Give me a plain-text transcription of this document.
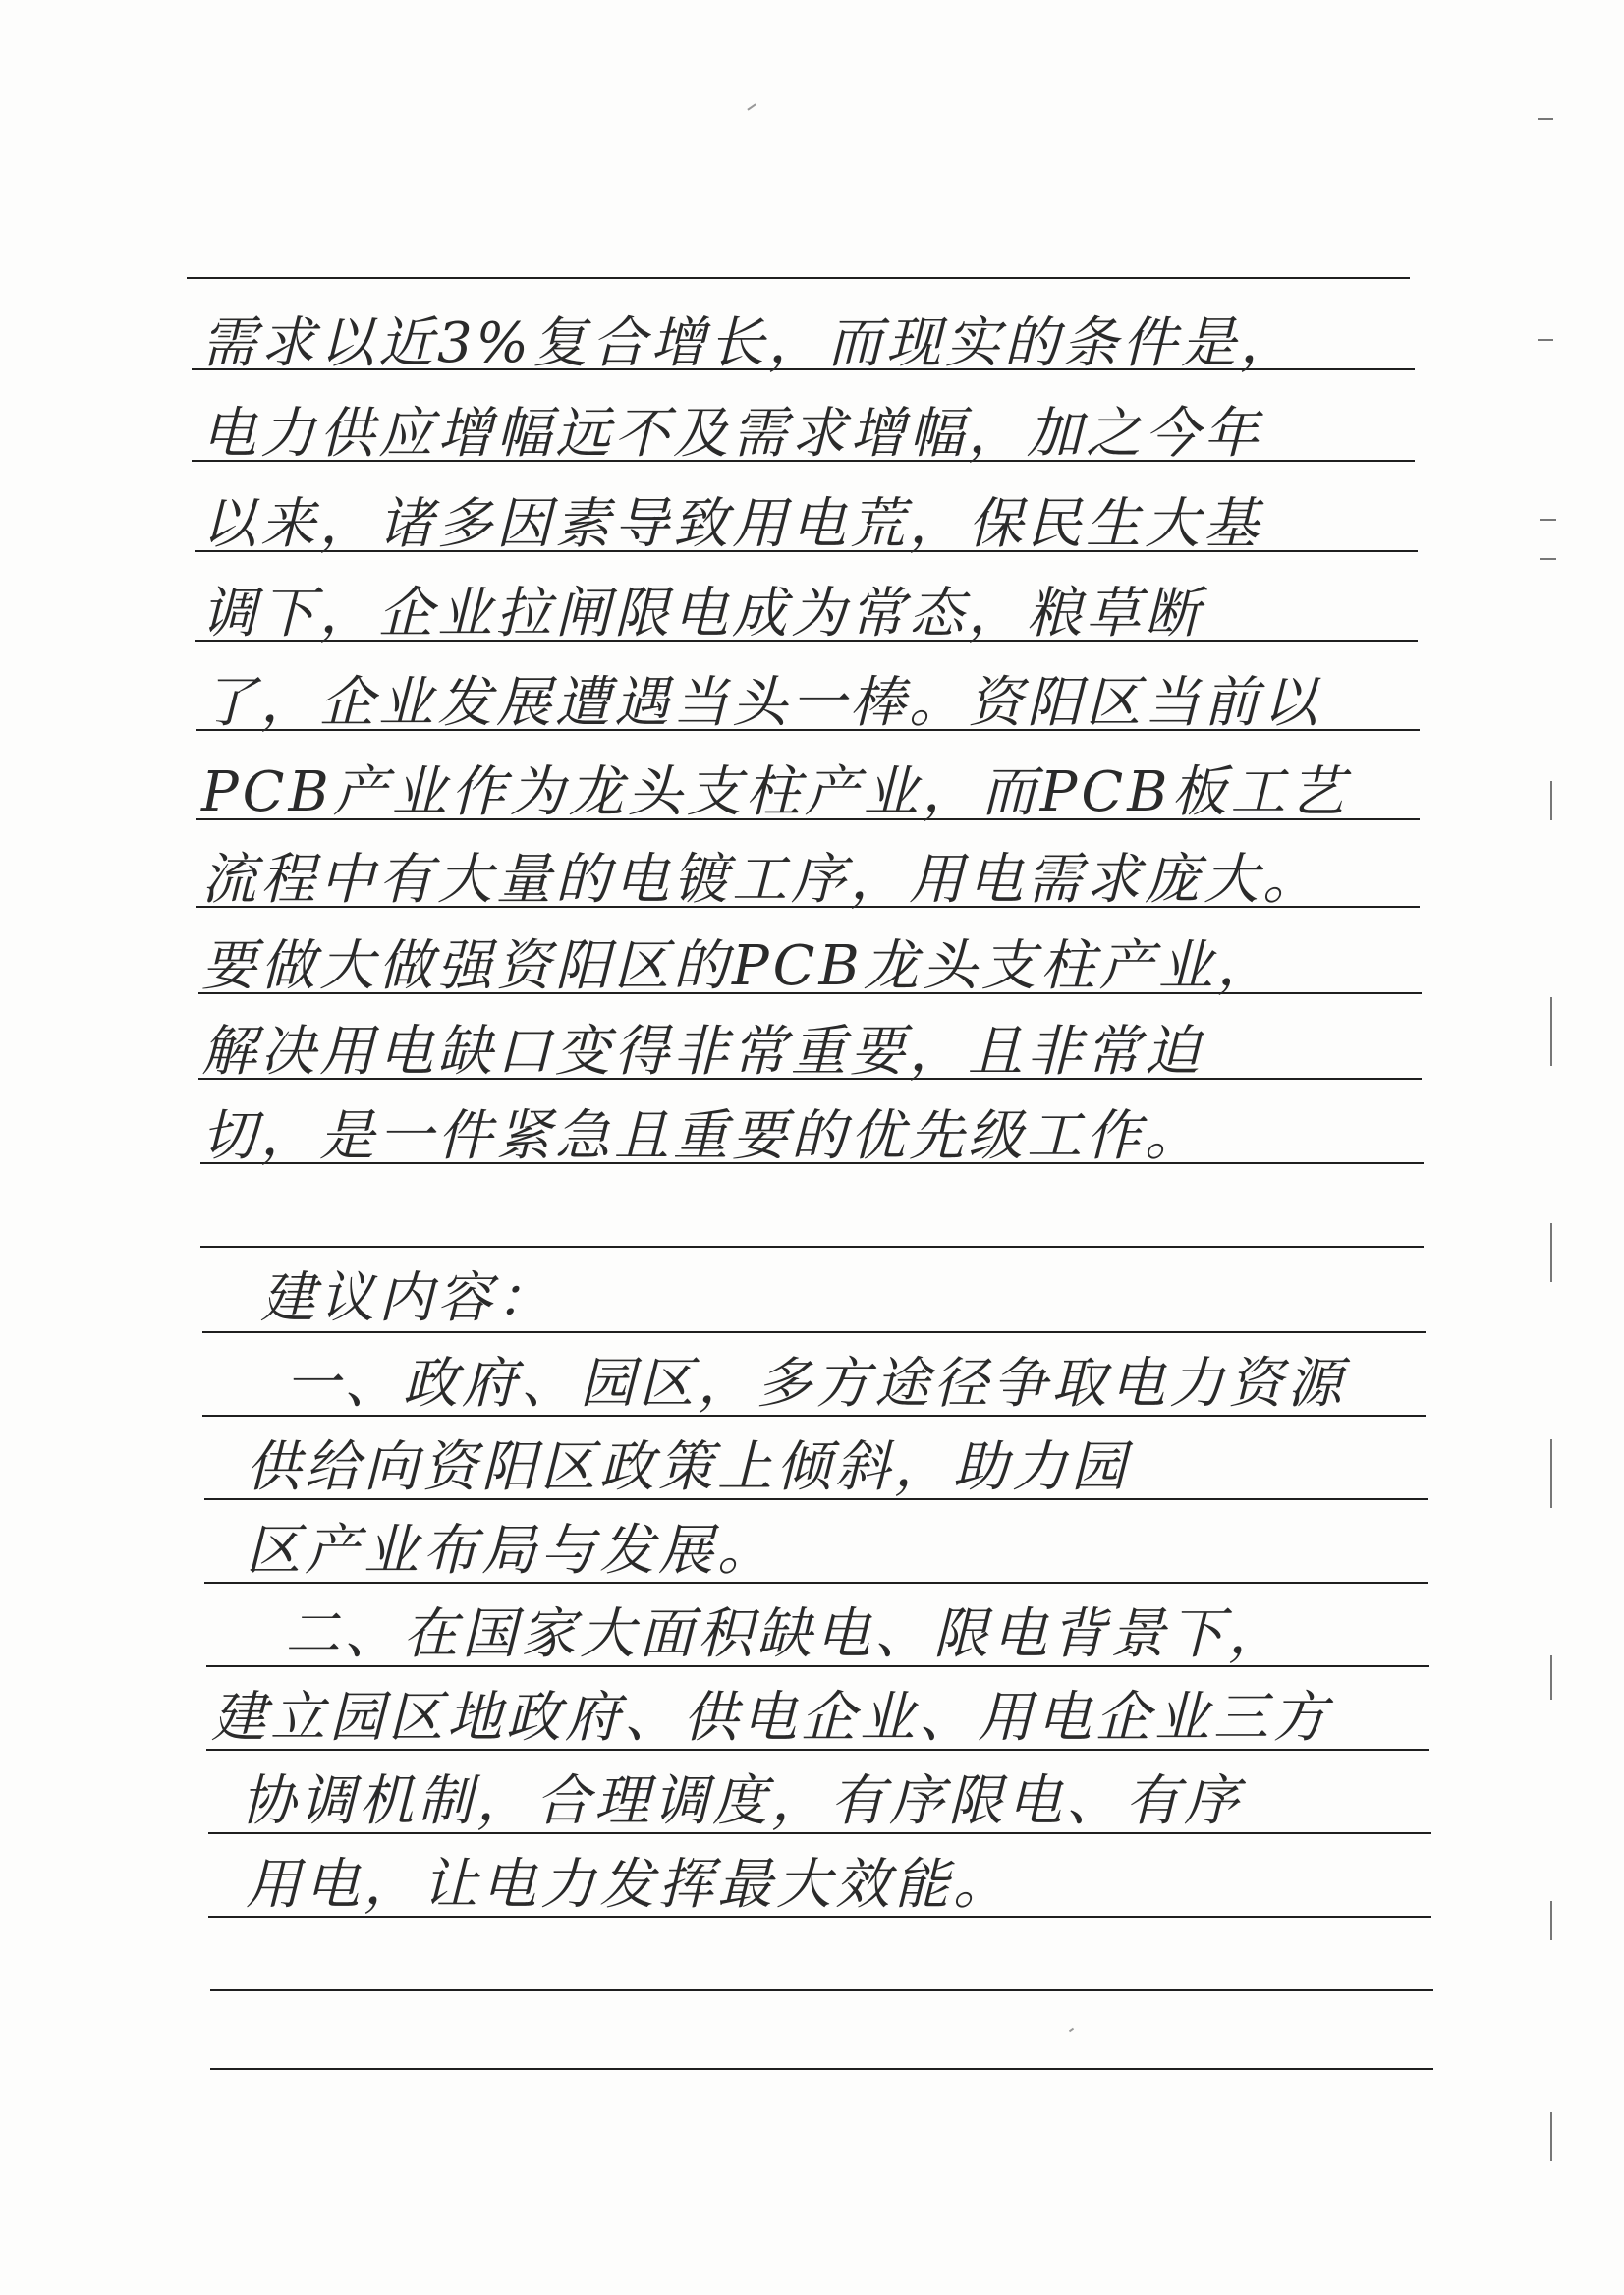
需求以近3%复合增长，而现实的条件是，
电力供应增幅远不及需求增幅，加之今年
以来，诸多因素导致用电荒，保民生大基
调下，企业拉闸限电成为常态，粮草断
了，企业发展遭遇当头一棒。资阳区当前以
PCB产业作为龙头支柱产业，而PCB板工艺
流程中有大量的电镀工序，用电需求庞大。
要做大做强资阳区的PCB龙头支柱产业，
解决用电缺口变得非常重要，且非常迫
切，是一件紧急且重要的优先级工作。
建议内容：
一、政府、园区，多方途径争取电力资源
供给向资阳区政策上倾斜，助力园
区产业布局与发展。
二、在国家大面积缺电、限电背景下，
建立园区地政府、供电企业、用电企业三方
协调机制，合理调度，有序限电、有序
用电，让电力发挥最大效能。
